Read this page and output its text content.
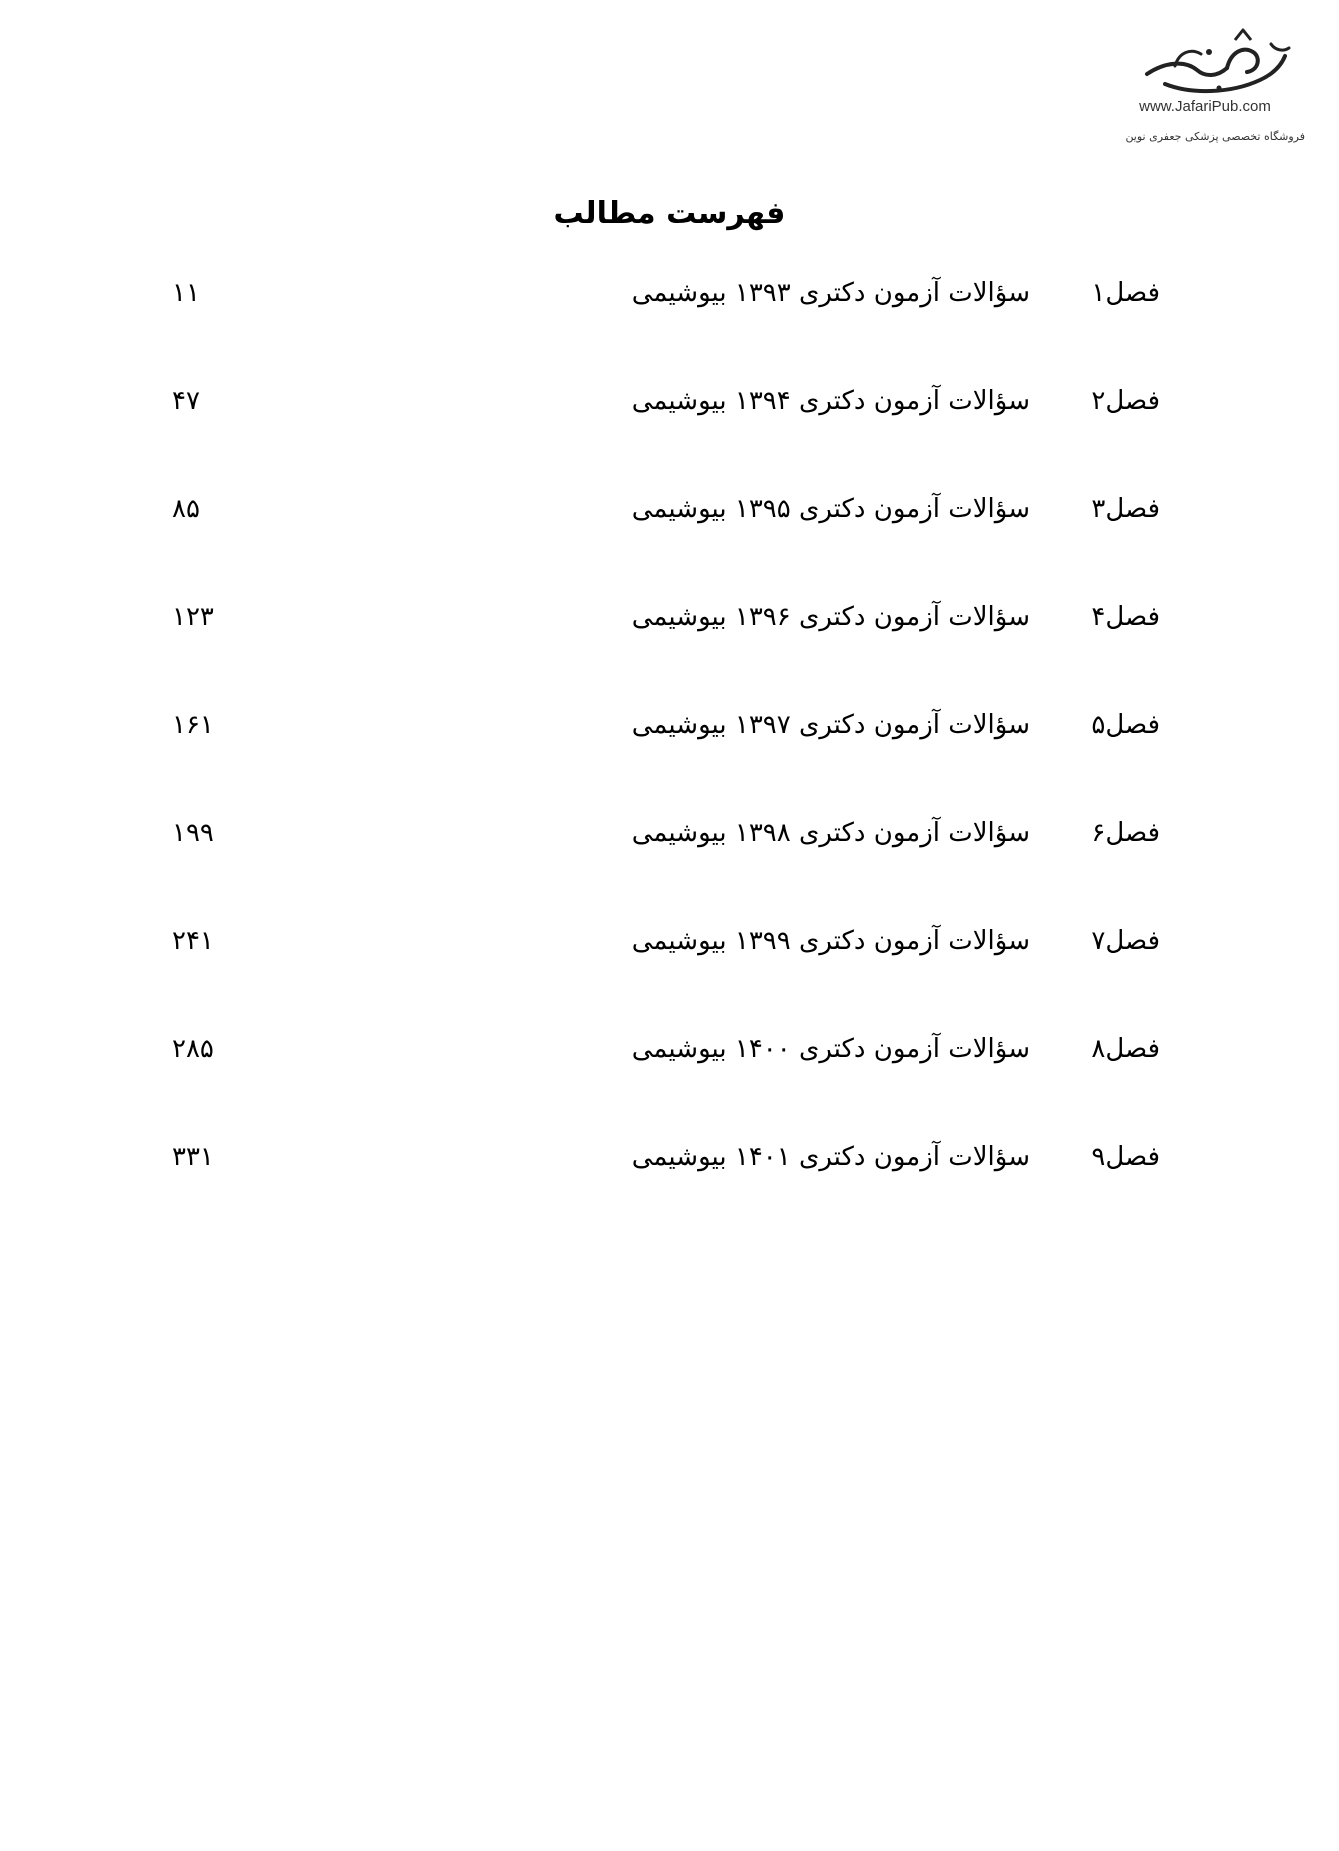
www.JafariPub.com
فروشگاه تخصصی پزشکی جعفری نوین
فهرست مطالب
فصل۱
سؤالات آزمون دکتری ۱۳۹۳ بیوشیمی
۱۱
فصل۲
سؤالات آزمون دکتری ۱۳۹۴ بیوشیمی
۴۷
فصل۳
سؤالات آزمون دکتری ۱۳۹۵ بیوشیمی
۸۵
فصل۴
سؤالات آزمون دکتری ۱۳۹۶ بیوشیمی
۱۲۳
فصل۵
سؤالات آزمون دکتری ۱۳۹۷ بیوشیمی
۱۶۱
فصل۶
سؤالات آزمون دکتری ۱۳۹۸ بیوشیمی
۱۹۹
فصل۷
سؤالات آزمون دکتری ۱۳۹۹ بیوشیمی
۲۴۱
فصل۸
سؤالات آزمون دکتری ۱۴۰۰ بیوشیمی
۲۸۵
فصل۹
سؤالات آزمون دکتری ۱۴۰۱ بیوشیمی
۳۳۱
